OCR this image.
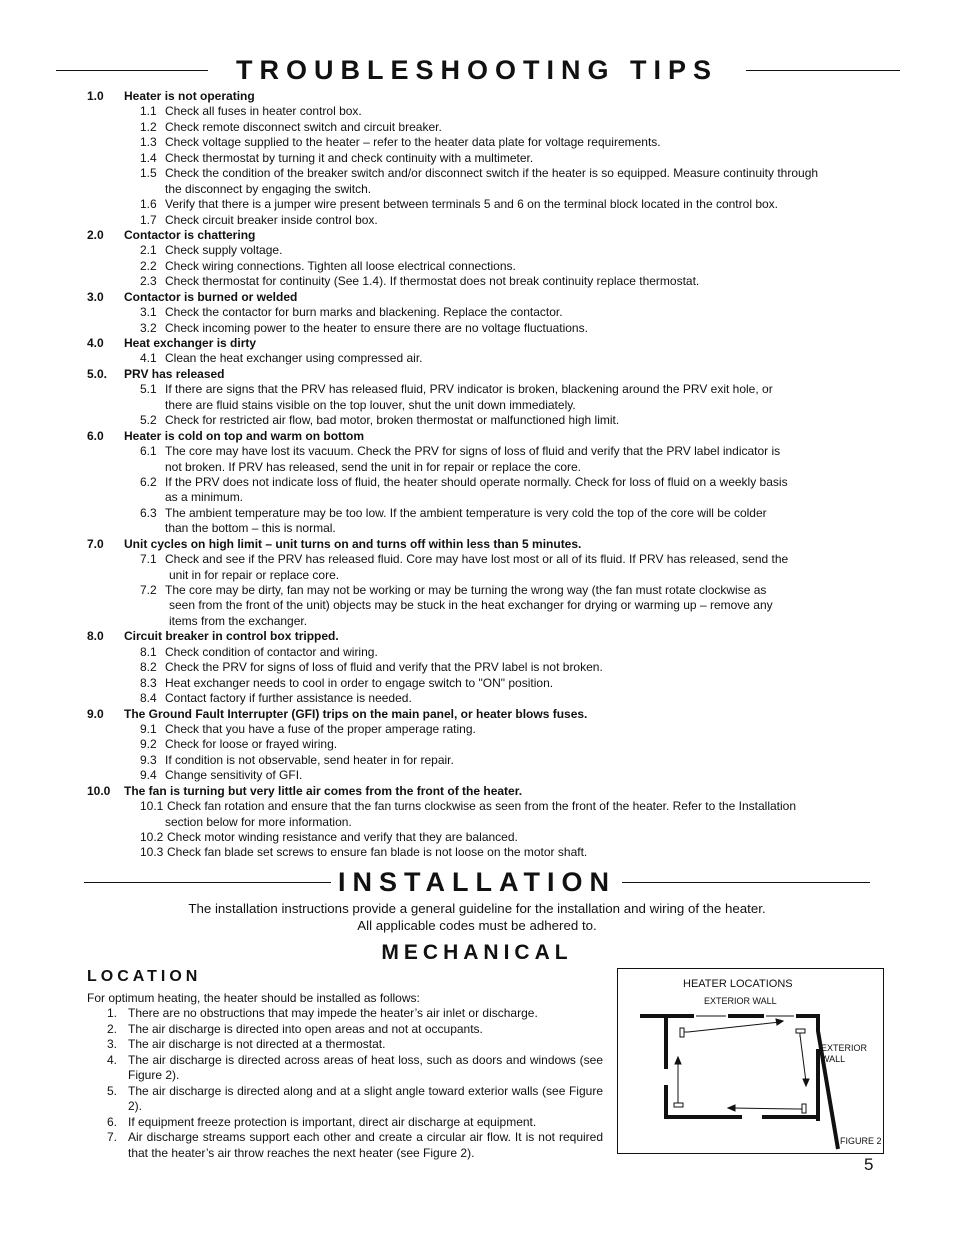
TROUBLESHOOTING TIPS
1.0 Heater is not operating
1.1 Check all fuses in heater control box.
1.2 Check remote disconnect switch and circuit breaker.
1.3 Check voltage supplied to the heater – refer to the heater data plate for voltage requirements.
1.4 Check thermostat by turning it and check continuity with a multimeter.
1.5 Check the condition of the breaker switch and/or disconnect switch if the heater is so equipped. Measure continuity through
the disconnect by engaging the switch.
1.6 Verify that there is a jumper wire present between terminals 5 and 6 on the terminal block located in the control box.
1.7 Check circuit breaker inside control box.
2.0 Contactor is chattering
2.1 Check supply voltage.
2.2 Check wiring connections. Tighten all loose electrical connections.
2.3 Check thermostat for continuity (See 1.4). If thermostat does not break continuity replace thermostat.
3.0 Contactor is burned or welded
3.1 Check the contactor for burn marks and blackening. Replace the contactor.
3.2 Check incoming power to the heater to ensure there are no voltage fluctuations.
4.0 Heat exchanger is dirty
4.1 Clean the heat exchanger using compressed air.
5.0. PRV has released
5.1 If there are signs that the PRV has released fluid, PRV indicator is broken, blackening around the PRV exit hole, or
there are fluid stains visible on the top louver, shut the unit down immediately.
5.2 Check for restricted air flow, bad motor, broken thermostat or malfunctioned high limit.
6.0 Heater is cold on top and warm on bottom
6.1 The core may have lost its vacuum. Check the PRV for signs of loss of fluid and verify that the PRV label indicator is
not broken. If PRV has released, send the unit in for repair or replace the core.
6.2 If the PRV does not indicate loss of fluid, the heater should operate normally. Check for loss of fluid on a weekly basis
as a minimum.
6.3 The ambient temperature may be too low. If the ambient temperature is very cold the top of the core will be colder
than the bottom – this is normal.
7.0 Unit cycles on high limit – unit turns on and turns off within less than 5 minutes.
7.1 Check and see if the PRV has released fluid. Core may have lost most or all of its fluid. If PRV has released, send the
unit in for repair or replace core.
7.2 The core may be dirty, fan may not be working or may be turning the wrong way (the fan must rotate clockwise as
seen from the front of the unit) objects may be stuck in the heat exchanger for drying or warming up – remove any
items from the exchanger.
8.0 Circuit breaker in control box tripped.
8.1 Check condition of contactor and wiring.
8.2 Check the PRV for signs of loss of fluid and verify that the PRV label is not broken.
8.3 Heat exchanger needs to cool in order to engage switch to "ON" position.
8.4 Contact factory if further assistance is needed.
9.0 The Ground Fault Interrupter (GFI) trips on the main panel, or heater blows fuses.
9.1 Check that you have a fuse of the proper amperage rating.
9.2 Check for loose or frayed wiring.
9.3 If condition is not observable, send heater in for repair.
9.4 Change sensitivity of GFI.
10.0 The fan is turning but very little air comes from the front of the heater.
10.1 Check fan rotation and ensure that the fan turns clockwise as seen from the front of the heater. Refer to the Installation
section below for more information.
10.2 Check motor winding resistance and verify that they are balanced.
10.3 Check fan blade set screws to ensure fan blade is not loose on the motor shaft.
INSTALLATION
The installation instructions provide a general guideline for the installation and wiring of the heater.
All applicable codes must be adhered to.
MECHANICAL
LOCATION
For optimum heating, the heater should be installed as follows:
1. There are no obstructions that may impede the heater’s air inlet or discharge.
2. The air discharge is directed into open areas and not at occupants.
3. The air discharge is not directed at a thermostat.
4. The air discharge is directed across areas of heat loss, such as doors and windows (see Figure 2).
5. The air discharge is directed along and at a slight angle toward exterior walls (see Figure 2).
6. If equipment freeze protection is important, direct air discharge at equipment.
7. Air discharge streams support each other and create a circular air flow. It is not required that the heater’s air throw reaches the next heater (see Figure 2).
HEATER LOCATIONS
EXTERIOR WALL
EXTERIOR
WALL
FIGURE 2
5
